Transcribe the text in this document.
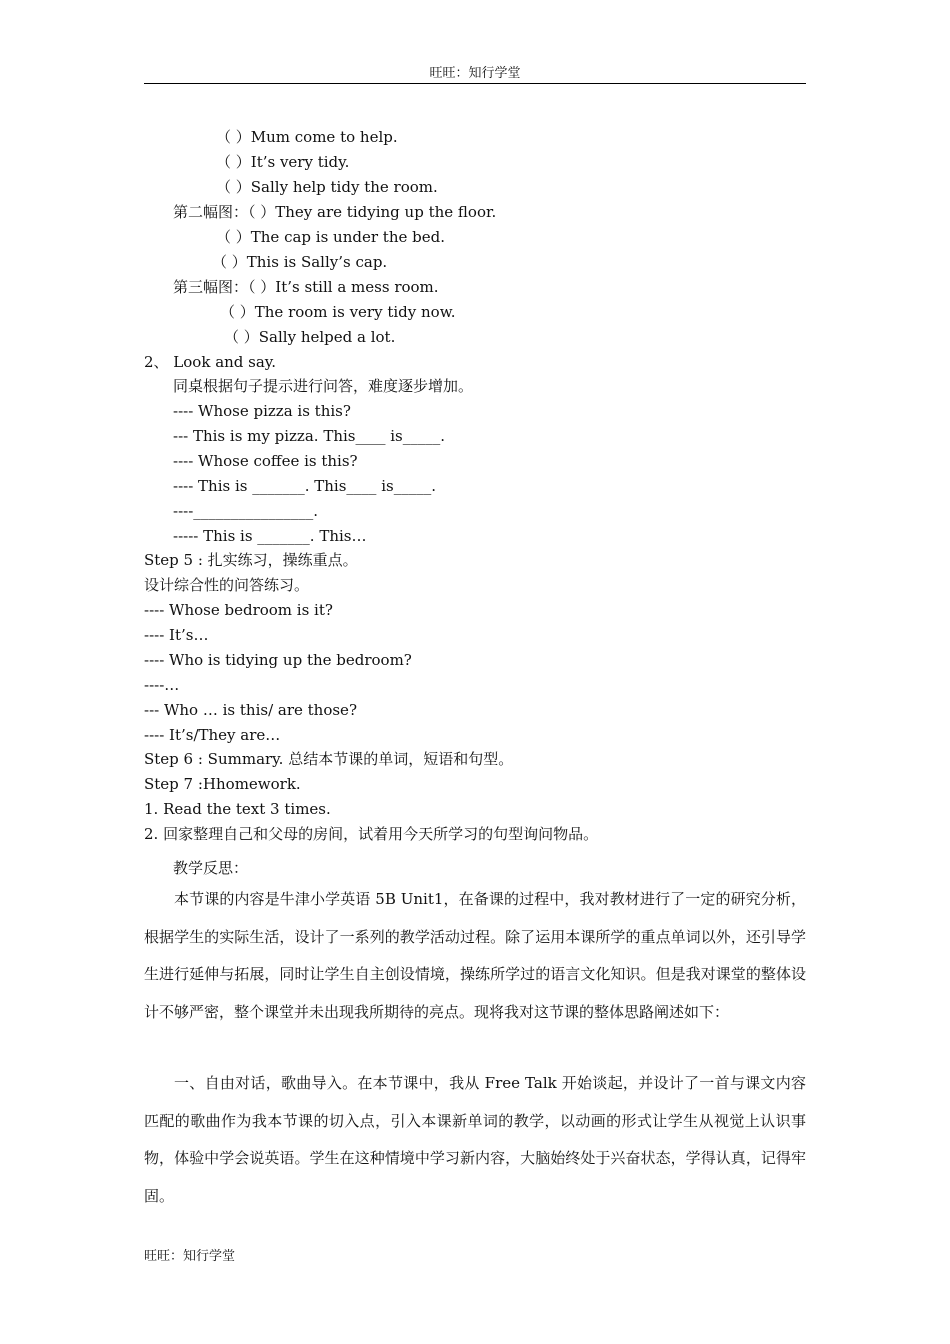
旺旺：知行学堂
（ ）Mum come to help.
（ ）It’s very tidy.
（ ）Sally help tidy the room.
第二幅图：（ ）They are tidying up the floor.
（ ）The cap is under the bed.
（ ）This is Sally’s cap.
第三幅图：（ ）It’s still a mess room.
（ ）The room is very tidy now.
（ ）Sally helped a lot.
2、 Look and say.
同桌根据句子提示进行问答，难度逐步增加。
---- Whose pizza is this?
--- This is my pizza. This____ is_____.
---- Whose coffee is this?
---- This is _______. This____ is_____.
----________________.
----- This is _______. This…
Step 5 : 扎实练习，操练重点。
设计综合性的问答练习。
---- Whose bedroom is it?
---- It’s…
---- Who is tidying up the bedroom?
----…
--- Who … is this/ are those?
---- It’s/They are…
Step 6 : Summary. 总结本节课的单词，短语和句型。
Step 7 :Hhomework.
1. Read the text 3 times.
2. 回家整理自己和父母的房间，试着用今天所学习的句型询问物品。
教学反思：
本节课的内容是牛津小学英语 5B Unit1，在备课的过程中，我对教材进行了一定的研究分析，根据学生的实际生活，设计了一系列的教学活动过程。除了运用本课所学的重点单词以外，还引导学生进行延伸与拓展，同时让学生自主创设情境，操练所学过的语言文化知识。但是我对课堂的整体设计不够严密，整个课堂并未出现我所期待的亮点。现将我对这节课的整体思路阐述如下：
一、自由对话，歌曲导入。在本节课中，我从 Free Talk 开始谈起，并设计了一首与课文内容匹配的歌曲作为我本节课的切入点，引入本课新单词的教学，以动画的形式让学生从视觉上认识事物，体验中学会说英语。学生在这种情境中学习新内容，大脑始终处于兴奋状态，学得认真，记得牢固。
旺旺：知行学堂
